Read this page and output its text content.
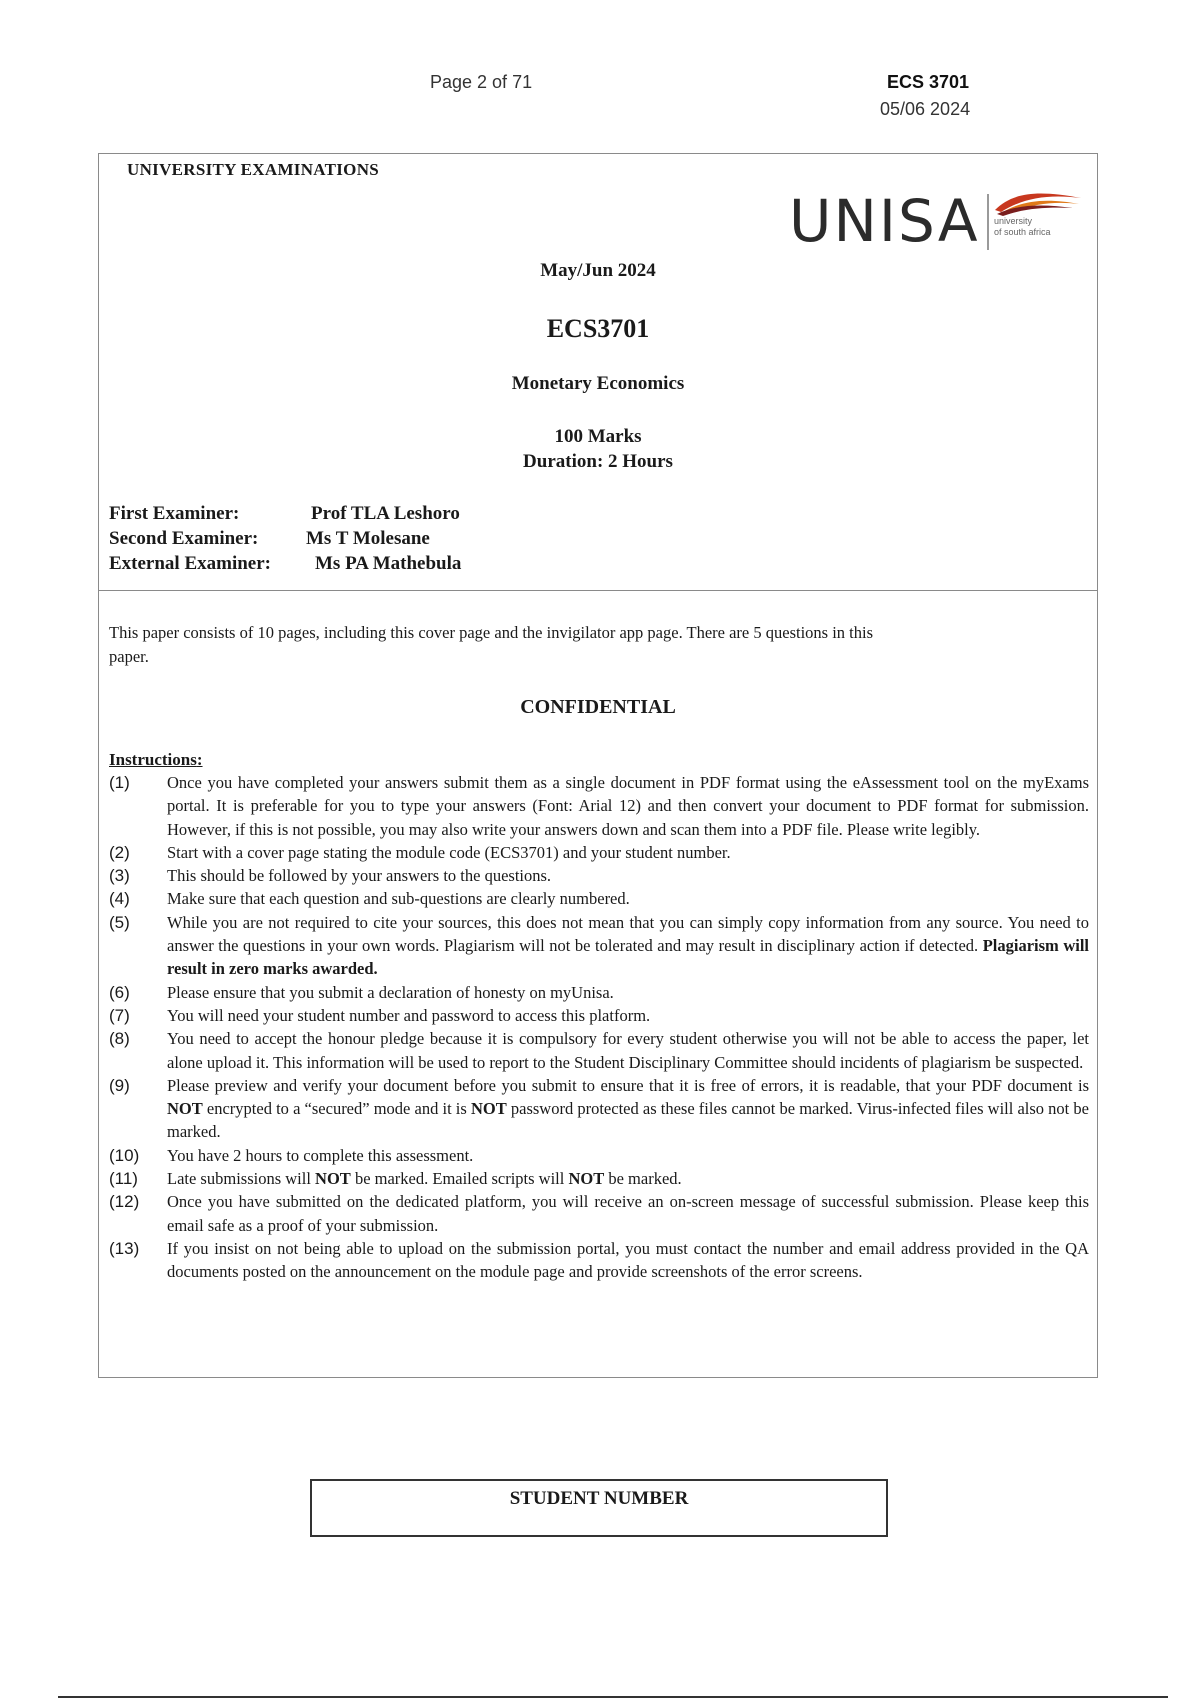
Page 2 of 71	ECS 3701
05/06 2024
UNIVERSITY EXAMINATIONS
UNISA university
of south africa
May/Jun 2024
ECS3701
Monetary Economics
100 Marks
Duration: 2 Hours
First Examiner:	Prof TLA Leshoro
Second Examiner:	Ms T Molesane
External Examiner: Ms PA Mathebula
This paper consists of 10 pages, including this cover page and the invigilator app page. There are 5 questions in this paper.
CONFIDENTIAL
Instructions:
(1) Once you have completed your answers submit them as a single document in PDF format using the eAssessment tool on the myExams portal. It is preferable for you to type your answers (Font: Arial 12) and then convert your document to PDF format for submission. However, if this is not possible, you may also write your answers down and scan them into a PDF file. Please write legibly.
(2) Start with a cover page stating the module code (ECS3701) and your student number.
(3) This should be followed by your answers to the questions.
(4) Make sure that each question and sub-questions are clearly numbered.
(5) While you are not required to cite your sources, this does not mean that you can simply copy information from any source. You need to answer the questions in your own words. Plagiarism will not be tolerated and may result in disciplinary action if detected. Plagiarism will result in zero marks awarded.
(6) Please ensure that you submit a declaration of honesty on myUnisa.
(7) You will need your student number and password to access this platform.
(8) You need to accept the honour pledge because it is compulsory for every student otherwise you will not be able to access the paper, let alone upload it. This information will be used to report to the Student Disciplinary Committee should incidents of plagiarism be suspected.
(9) Please preview and verify your document before you submit to ensure that it is free of errors, it is readable, that your PDF document is NOT encrypted to a “secured” mode and it is NOT password protected as these files cannot be marked. Virus-infected files will also not be marked.
(10) You have 2 hours to complete this assessment.
(11) Late submissions will NOT be marked. Emailed scripts will NOT be marked.
(12) Once you have submitted on the dedicated platform, you will receive an on-screen message of successful submission. Please keep this email safe as a proof of your submission.
(13) If you insist on not being able to upload on the submission portal, you must contact the number and email address provided in the QA documents posted on the announcement on the module page and provide screenshots of the error screens.
STUDENT NUMBER
